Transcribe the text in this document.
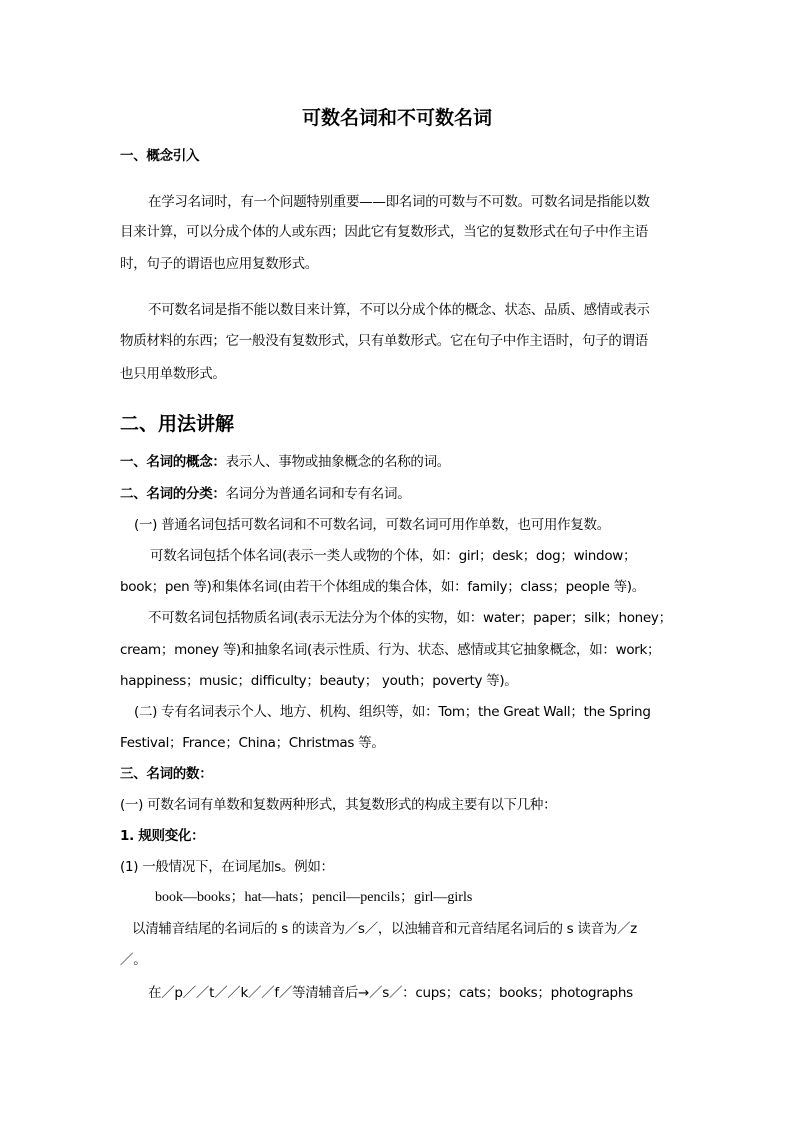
可数名词和不可数名词
一、概念引入
在学习名词时，有一个问题特别重要——即名词的可数与不可数。可数名词是指能以数
目来计算，可以分成个体的人或东西；因此它有复数形式，当它的复数形式在句子中作主语
时，句子的谓语也应用复数形式。
不可数名词是指不能以数目来计算，不可以分成个体的概念、状态、品质、感情或表示
物质材料的东西；它一般没有复数形式，只有单数形式。它在句子中作主语时，句子的谓语
也只用单数形式。
二、用法讲解
一、名词的概念：表示人、事物或抽象概念的名称的词。
二、名词的分类：名词分为普通名词和专有名词。
(一) 普通名词包括可数名词和不可数名词，可数名词可用作单数，也可用作复数。
可数名词包括个体名词(表示一类人或物的个体，如：girl；desk；dog；window；
book；pen 等)和集体名词(由若干个体组成的集合体，如：family；class；people 等)。
不可数名词包括物质名词(表示无法分为个体的实物，如：water；paper；silk；honey；
cream；money 等)和抽象名词(表示性质、行为、状态、感情或其它抽象概念，如：work；
happiness；music；difficulty；beauty； youth；poverty 等)。
(二) 专有名词表示个人、地方、机构、组织等，如：Tom；the Great Wall；the Spring
Festival；France；China；Christmas 等。
三、名词的数：
(一) 可数名词有单数和复数两种形式，其复数形式的构成主要有以下几种：
1. 规则变化：
(1) 一般情况下，在词尾加s。例如：
book—books；hat—hats；pencil—pencils；girl—girls
以清辅音结尾的名词后的 s 的读音为／s／，以浊辅音和元音结尾名词后的 s 读音为／z
／。
在／p／／t／／k／／f／等清辅音后→／s／：cups；cats；books；photographs
